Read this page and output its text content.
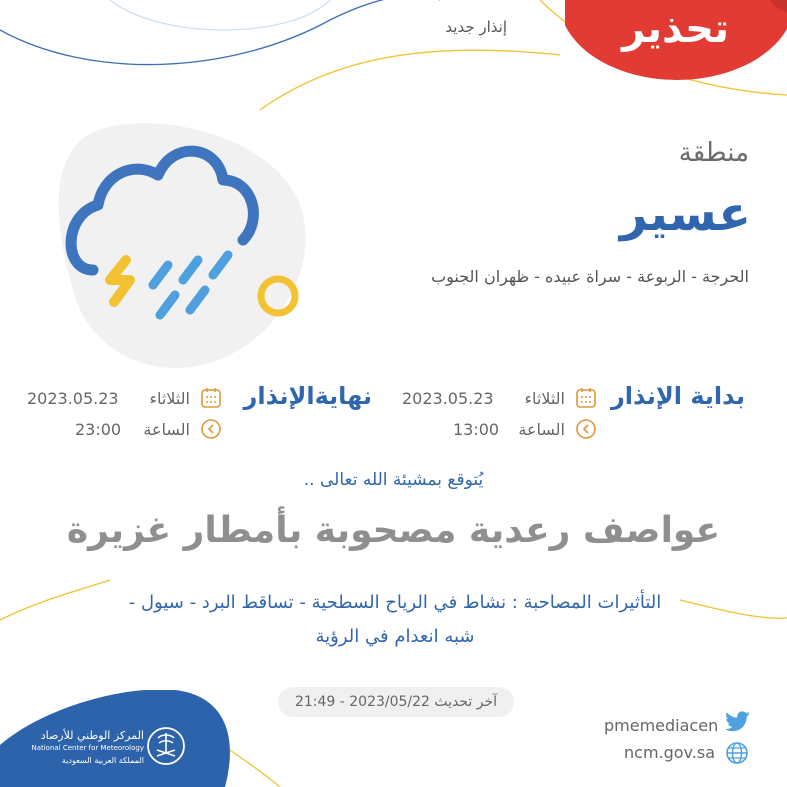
تحذير
إنذار جديد
منطقة
عسير
الحرجة - الربوعة - سراة عبيده - ظهران الجنوب
بداية الإنذار
الثلاثاء
2023.05.23
الساعة
13:00
نهايةالإنذار
الثلاثاء
2023.05.23
الساعة
23:00
يُتوقع بمشيئة الله تعالى ..
عواصف رعدية مصحوبة بأمطار غزيرة
التأثيرات المصاحبة : نشاط في الرياح السطحية - تساقط البرد - سيول -
شبه انعدام في الرؤية
آخر تحديث 2023/05/22 - 21:49
pmemediacen
ncm.gov.sa
المركز الوطني للأرصاد
National Center for Meteorology
المملكة العربية السعودية
